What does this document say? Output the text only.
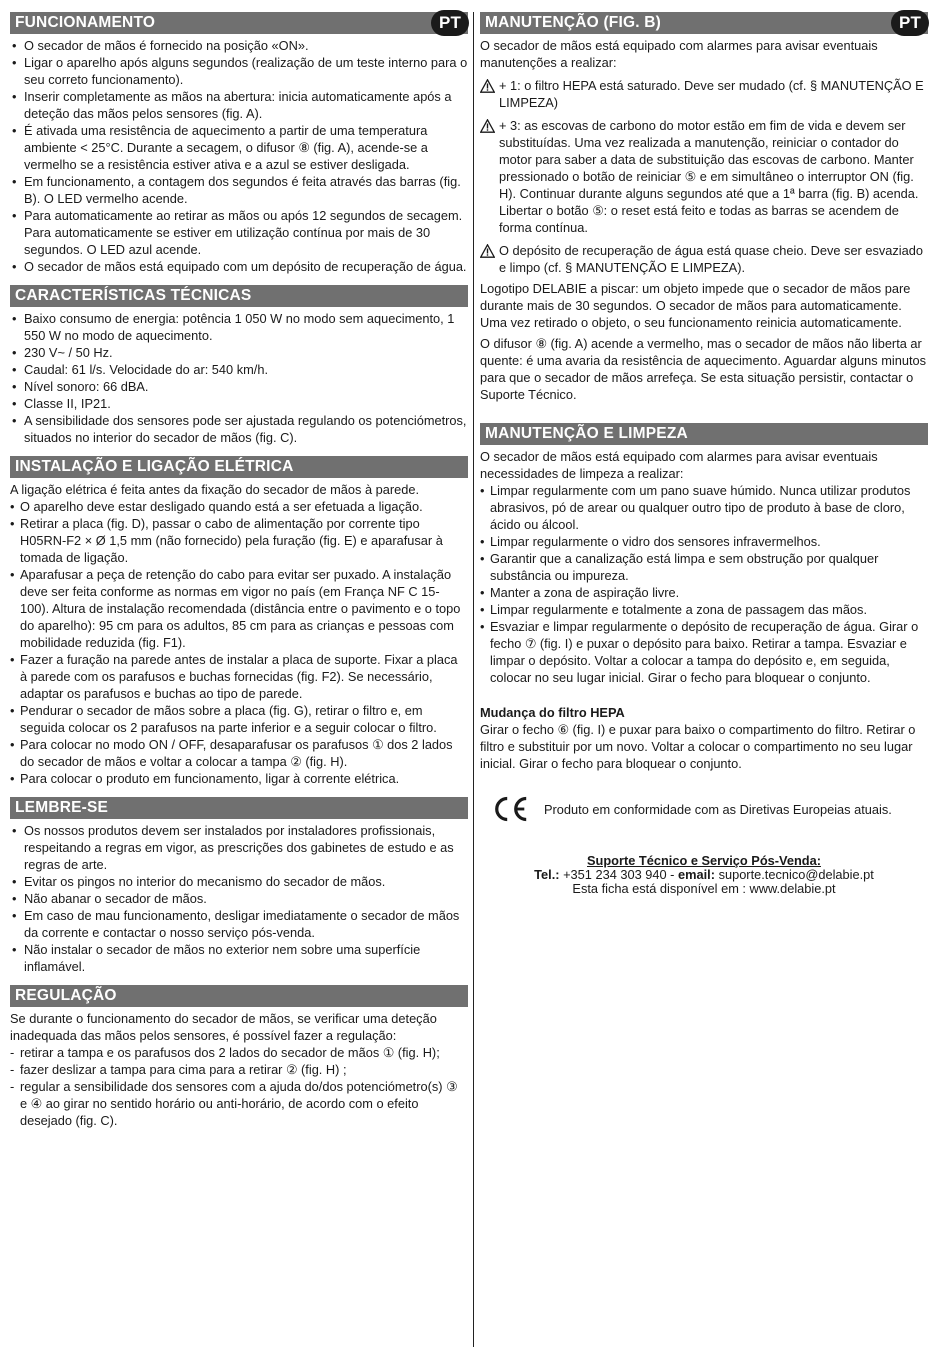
FUNCIONAMENTO	PT
• O secador de mãos é fornecido na posição «ON».
• Ligar o aparelho após alguns segundos (realização de um teste interno para o seu correto funcionamento).
• Inserir completamente as mãos na abertura: inicia automaticamente após a deteção das mãos pelos sensores (fig. A).
• É ativada uma resistência de aquecimento a partir de uma temperatura ambiente < 25°C. Durante a secagem, o difusor ⑧ (fig. A), acende-se a vermelho se a resistência estiver ativa e a azul se estiver desligada.
• Em funcionamento, a contagem dos segundos é feita através das barras (fig. B). O LED vermelho acende.
• Para automaticamente ao retirar as mãos ou após 12 segundos de secagem. Para automaticamente se estiver em utilização contínua por mais de 30 segundos. O LED azul acende.
• O secador de mãos está equipado com um depósito de recuperação de água.
CARACTERÍSTICAS TÉCNICAS
• Baixo consumo de energia: potência 1 050 W no modo sem aquecimento, 1 550 W no modo de aquecimento.
• 230 V~ / 50 Hz.
• Caudal: 61 l/s. Velocidade do ar: 540 km/h.
• Nível sonoro: 66 dBA.
• Classe II, IP21.
• A sensibilidade dos sensores pode ser ajustada regulando os potenciómetros, situados no interior do secador de mãos (fig. C).
INSTALAÇÃO E LIGAÇÃO ELÉTRICA

A ligação elétrica é feita antes da fixação do secador de mãos à parede.

• O aparelho deve estar desligado quando está a ser efetuada a ligação.
• Retirar a placa (fig. D), passar o cabo de alimentação por corrente tipo H05RN-F2 × Ø 1,5 mm (não fornecido) pela furação (fig. E) e aparafusar à tomada de ligação.
• Aparafusar a peça de retenção do cabo para evitar ser puxado. A instalação deve ser feita conforme as normas em vigor no país (em França NF C 15-100). Altura de instalação recomendada (distância entre o pavimento e o topo do aparelho): 95 cm para os adultos, 85 cm para as crianças e pessoas com mobilidade reduzida (fig. F1).
• Fazer a furação na parede antes de instalar a placa de suporte. Fixar a placa à parede com os parafusos e buchas fornecidas (fig. F2). Se necessário, adaptar os parafusos e buchas ao tipo de parede.
• Pendurar o secador de mãos sobre a placa (fig. G), retirar o filtro e, em seguida colocar os 2 parafusos na parte inferior e a seguir colocar o filtro.
• Para colocar no modo ON / OFF, desaparafusar os parafusos ① dos 2 lados do secador de mãos e voltar a colocar a tampa ② (fig. H).
• Para colocar o produto em funcionamento, ligar à corrente elétrica.
LEMBRE-SE
• Os nossos produtos devem ser instalados por instaladores profissionais, respeitando a regras em vigor, as prescrições dos gabinetes de estudo e as regras de arte.
• Evitar os pingos no interior do mecanismo do secador de mãos.
• Não abanar o secador de mãos.
• Em caso de mau funcionamento, desligar imediatamente o secador de mãos da corrente e contactar o nosso serviço pós-venda.
• Não instalar o secador de mãos no exterior nem sobre uma superfície inflamável.
REGULAÇÃO

Se durante o funcionamento do secador de mãos, se verificar uma deteção inadequada das mãos pelos sensores, é possível fazer a regulação:

- retirar a tampa e os parafusos dos 2 lados do secador de mãos ① (fig. H);
- fazer deslizar a tampa para cima para a retirar ② (fig. H) ;
- regular a sensibilidade dos sensores com a ajuda do/dos potenciómetro(s) ③ e ④ ao girar no sentido horário ou anti-horário, de acordo com o efeito desejado (fig. C).
MANUTENÇÃO (FIG. B)	PT

O secador de mãos está equipado com alarmes para avisar eventuais manutenções a realizar:

+ 1: o filtro HEPA está saturado. Deve ser mudado (cf. § MANUTENÇÃO E LIMPEZA)

+ 3: as escovas de carbono do motor estão em fim de vida e devem ser substituídas. Uma vez realizada a manutenção, reiniciar o contador do motor para saber a data de substituição das escovas de carbono. Manter pressionado o botão de reiniciar ⑤ e em simultâneo o interruptor ON (fig. H). Continuar durante alguns segundos até que a 1ª barra (fig. B) acenda. Libertar o botão ⑤: o reset está feito e todas as barras se acendem de forma contínua.

O depósito de recuperação de água está quase cheio. Deve ser esvaziado e limpo (cf. § MANUTENÇÃO E LIMPEZA).

Logotipo DELABIE a piscar: um objeto impede que o secador de mãos pare durante mais de 30 segundos. O secador de mãos para automaticamente. Uma vez retirado o objeto, o seu funcionamento reinicia automaticamente.

O difusor ⑧ (fig. A) acende a vermelho, mas o secador de mãos não liberta ar quente: é uma avaria da resistência de aquecimento. Aguardar alguns minutos para que o secador de mãos arrefeça. Se esta situação persistir, contactar o Suporte Técnico.

MANUTENÇÃO E LIMPEZA

O secador de mãos está equipado com alarmes para avisar eventuais necessidades de limpeza a realizar:

• Limpar regularmente com um pano suave húmido. Nunca utilizar produtos abrasivos, pó de arear ou qualquer outro tipo de produto à base de cloro, ácido ou álcool.
• Limpar regularmente o vidro dos sensores infravermelhos.
• Garantir que a canalização está limpa e sem obstrução por qualquer substância ou impureza.
• Manter a zona de aspiração livre.
• Limpar regularmente e totalmente a zona de passagem das mãos.
• Esvaziar e limpar regularmente o depósito de recuperação de água. Girar o fecho ⑦ (fig. I) e puxar o depósito para baixo. Retirar a tampa. Esvaziar e limpar o depósito. Voltar a colocar a tampa do depósito e, em seguida, colocar no seu lugar inicial. Girar o fecho para bloquear o conjunto.
Mudança do filtro HEPA

Girar o fecho ⑥ (fig. I) e puxar para baixo o compartimento do filtro. Retirar o filtro e substituir por um novo. Voltar a colocar o compartimento no seu lugar inicial. Girar o fecho para bloquear o conjunto.

Produto em conformidade com as Diretivas Europeias atuais.

Suporte Técnico e Serviço Pós-Venda:
Tel.: +351 234 303 940 - email: suporte.tecnico@delabie.pt
Esta ficha está disponível em : www.delabie.pt
